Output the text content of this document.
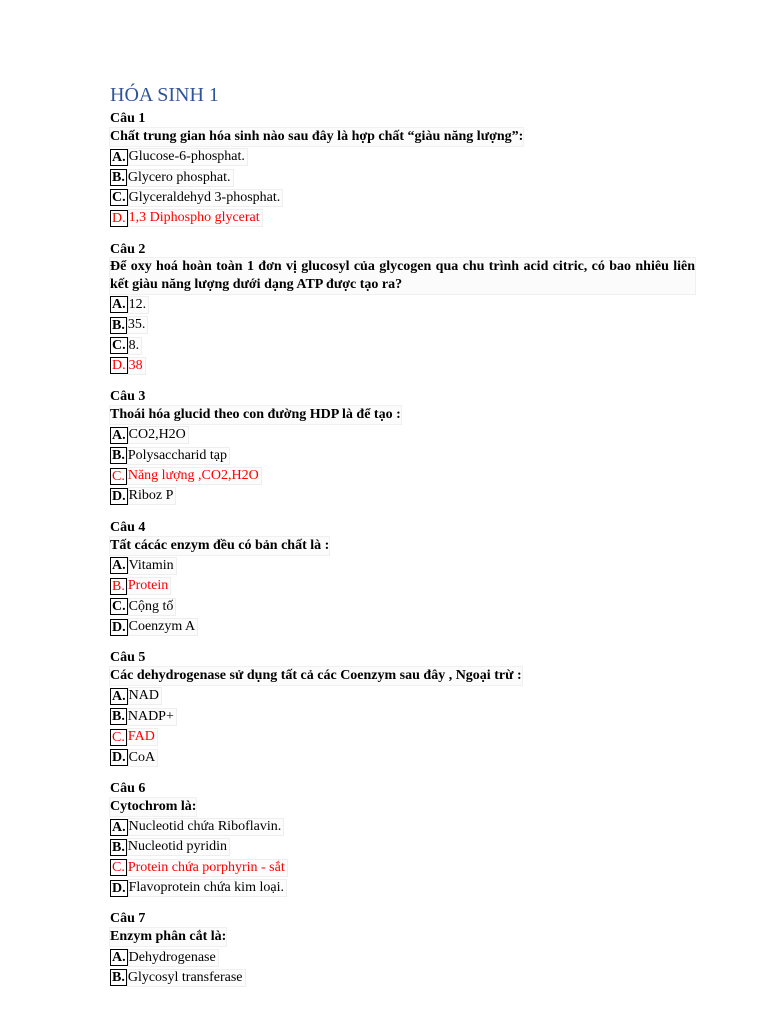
HÓA SINH 1
Câu 1
Chất trung gian hóa sinh nào sau đây là hợp chất “giàu năng lượng”:
A. Glucose-6-phosphat.
B. Glycero phosphat.
C. Glyceraldehyd 3-phosphat.
D. 1,3 Diphospho glycerat
Câu 2
Để oxy hoá hoàn toàn 1 đơn vị glucosyl của glycogen qua chu trình acid citric, có bao nhiêu liên kết giàu năng lượng dưới dạng ATP được tạo ra?
A. 12.
B. 35.
C. 8.
D. 38
Câu 3
Thoái hóa glucid theo con đường HDP là để tạo :
A. CO2,H2O
B. Polysaccharid tạp
C. Năng lượng ,CO2,H2O
D. Riboz P
Câu 4
Tất cácác enzym đều có bản chất là :
A. Vitamin
B. Protein
C. Cộng tố
D. Coenzym A
Câu 5
Các dehydrogenase sử dụng tất cả các Coenzym sau đây , Ngoại trừ :
A. NAD
B. NADP+
C. FAD
D. CoA
Câu 6
Cytochrom là:
A. Nucleotid chứa Riboflavin.
B. Nucleotid pyridin
C. Protein chứa porphyrin - sắt
D. Flavoprotein chứa kim loại.
Câu 7
Enzym phân cắt là:
A. Dehydrogenase
B. Glycosyl transferase
